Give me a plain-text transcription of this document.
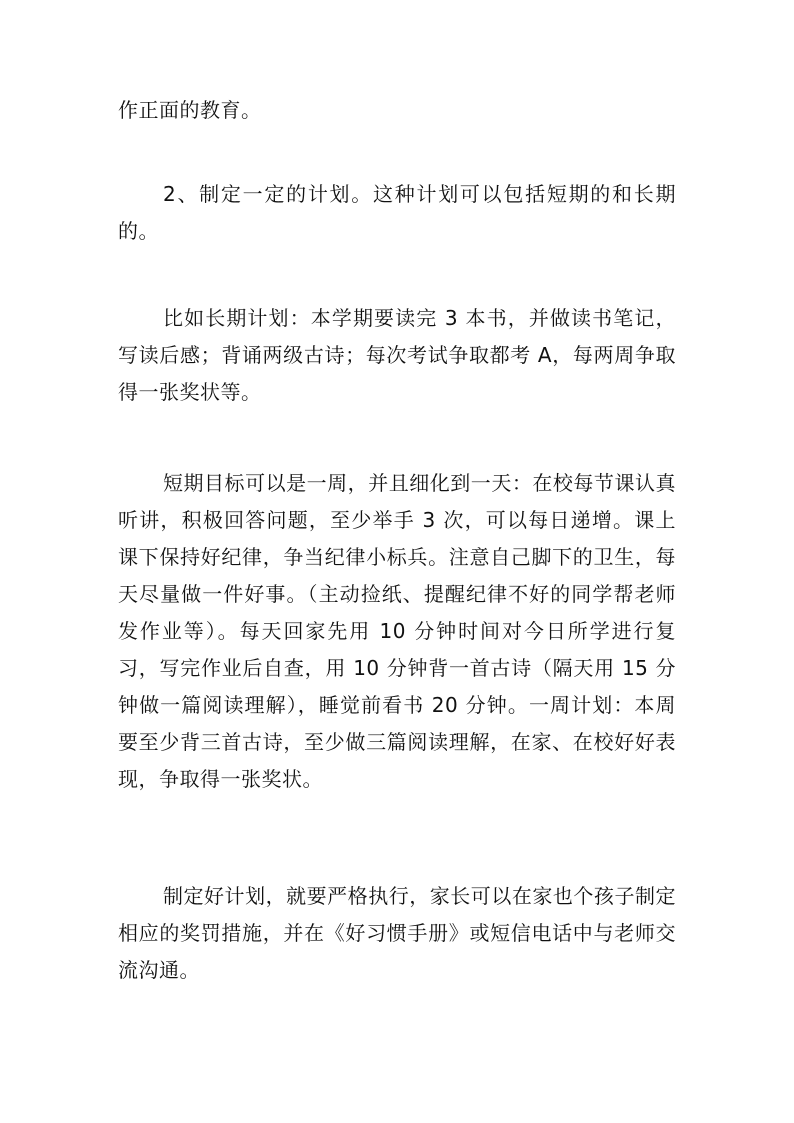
作正面的教育。

2、制定一定的计划。这种计划可以包括短期的和长期的。

比如长期计划：本学期要读完 3 本书，并做读书笔记，写读后感；背诵两级古诗；每次考试争取都考 A，每两周争取得一张奖状等。

短期目标可以是一周，并且细化到一天：在校每节课认真听讲，积极回答问题，至少举手 3 次，可以每日递增。课上课下保持好纪律，争当纪律小标兵。注意自己脚下的卫生，每天尽量做一件好事。（主动捡纸、提醒纪律不好的同学帮老师发作业等）。每天回家先用 10 分钟时间对今日所学进行复习，写完作业后自查，用 10 分钟背一首古诗（隔天用 15 分钟做一篇阅读理解），睡觉前看书 20 分钟。一周计划：本周要至少背三首古诗，至少做三篇阅读理解，在家、在校好好表现，争取得一张奖状。

制定好计划，就要严格执行，家长可以在家也个孩子制定相应的奖罚措施，并在《好习惯手册》或短信电话中与老师交流沟通。
